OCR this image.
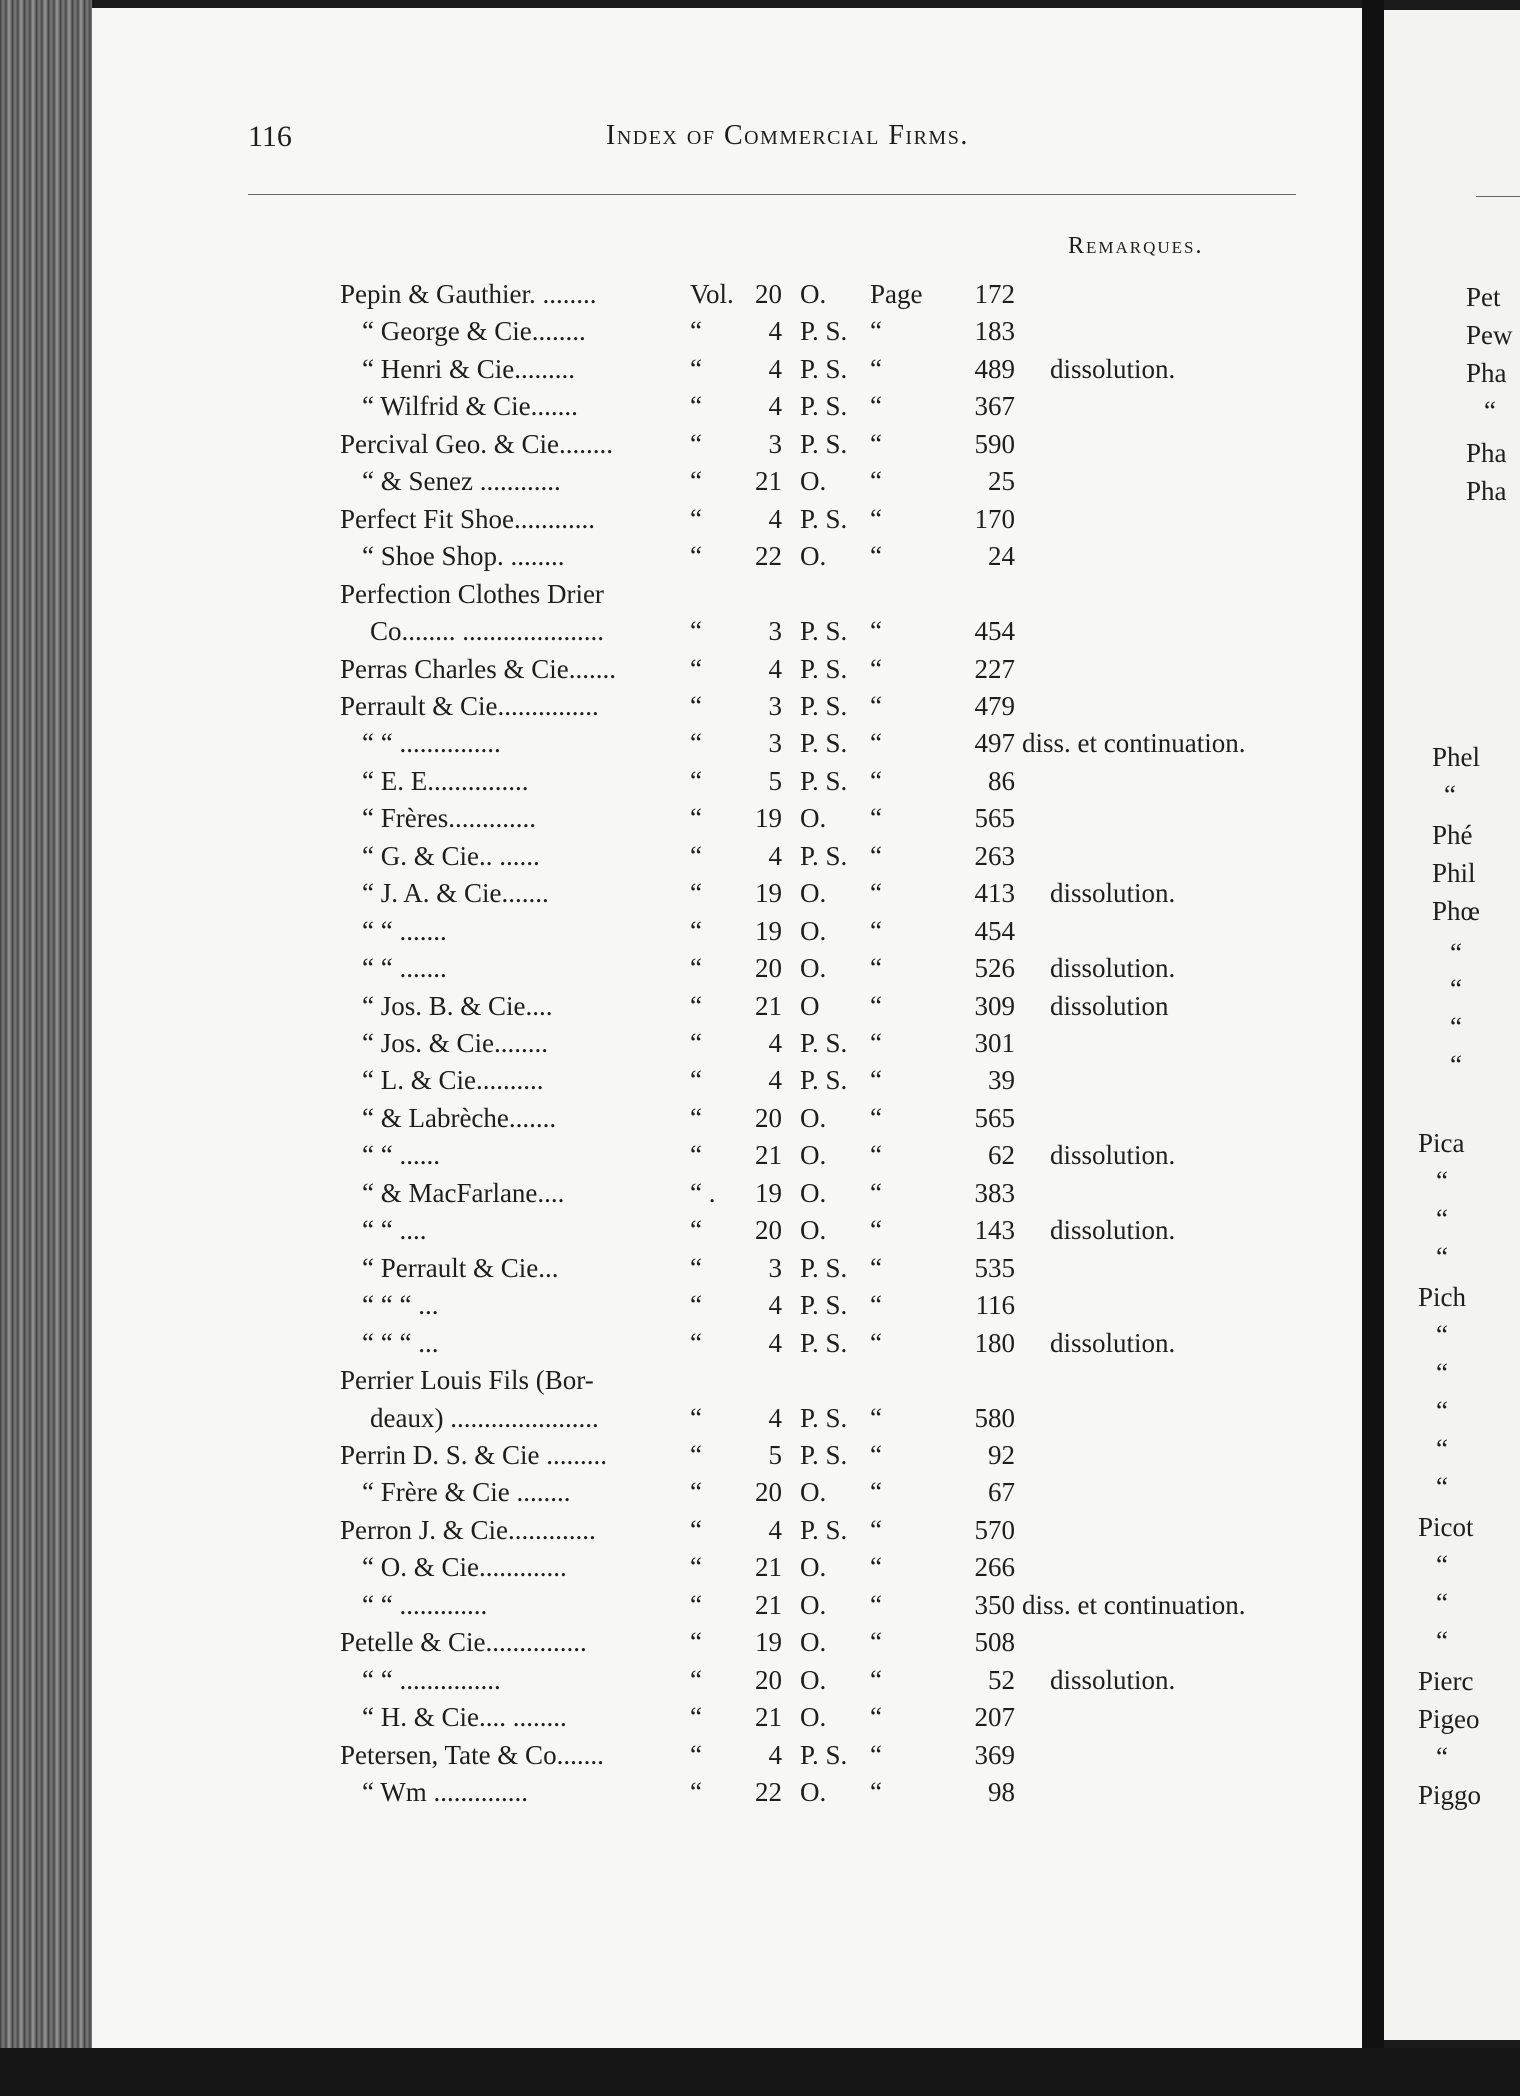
Pet
Pew
Pha
“
Pha
Pha
Phel
“
Phé
Phil
Phœ
“
“
“
“
Pica
“
“
“
Pich
“
“
“
“
“
Picot
“
“
“
Pierc
Pigeo
“
Piggo
116	Index of Commercial Firms.
Remarques.
Pepin & Gauthier. ........	Vol. 20 O.	Page	172
“ George & Cie........	“	4 P. S. “	183
“ Henri & Cie.........	“	4 P. S. “	489 dissolution.
“ Wilfrid & Cie.......	“	4 P. S. “	367
Percival Geo. & Cie........	“	3 P. S. “	590
“ & Senez ............	“	21 O.	“	25
Perfect Fit Shoe............	“	4 P. S. “	170
“ Shoe Shop. ........	“	22 O.	“	24
Perfection Clothes Drier
Co........ .....................	“	3 P. S. “	454
Perras Charles & Cie.......	“	4 P. S. “	227
Perrault & Cie...............	“	3 P. S. “	479
“ “ ...............	“	3 P. S. “	497 diss. et continuation.
“ E. E...............	“	5 P. S. “	86
“ Frères.............	“	19 O.	“	565
“ G. & Cie.. ......	“	4 P. S. “	263
“ J. A. & Cie.......	“	19 O.	“	413 dissolution.
“ “ .......	“	19 O.	“	454
“ “ .......	“	20 O.	“	526 dissolution.
“ Jos. B. & Cie....	“	21 O	“	309 dissolution
“ Jos. & Cie........	“	4 P. S. “	301
“ L. & Cie..........	“	4 P. S. “	39
“ & Labrèche.......	“	20 O.	“	565
“ “ ......	“	21 O.	“	62 dissolution.
“ & MacFarlane....	“ .	19 O.	“	383
“ “ ....	“	20 O.	“	143 dissolution.
“ Perrault & Cie...	“	3 P. S. “	535
“ “ “ ...	“	4 P. S. “	116
“ “ “ ...	“	4 P. S. “	180 dissolution.
Perrier Louis Fils (Bor-
deaux) ......................	“	4 P. S. “	580
Perrin D. S. & Cie .........	“	5 P. S. “	92
“ Frère & Cie ........	“	20 O.	“	67
Perron J. & Cie.............	“	4 P. S. “	570
“ O. & Cie.............	“	21 O.	“	266
“ “ .............	“	21 O.	“	350 diss. et continuation.
Petelle & Cie...............	“	19 O.	“	508
“ “ ...............	“	20 O.	“	52 dissolution.
“ H. & Cie.... ........	“	21 O.	“	207
Petersen, Tate & Co.......	“	4 P. S. “	369
“ Wm ..............	“	22 O.	“	98
